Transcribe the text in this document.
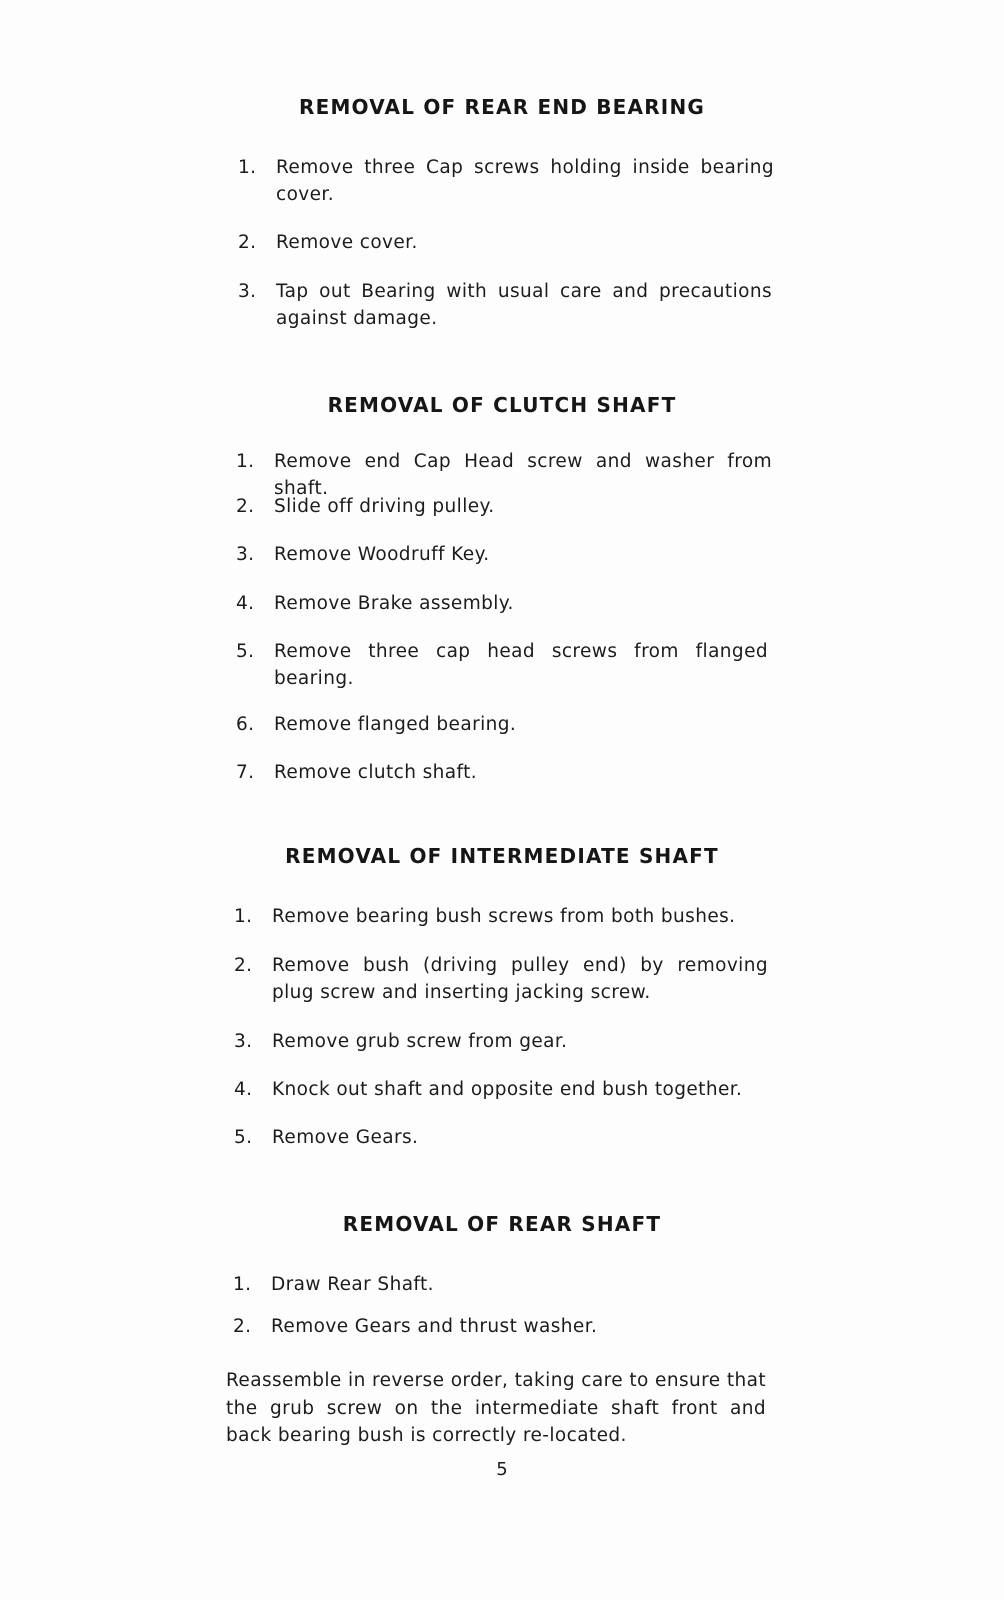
REMOVAL OF REAR END BEARING
1. Remove three Cap screws holding inside bearing cover.
2. Remove cover.
3. Tap out Bearing with usual care and precautions against damage.
REMOVAL OF CLUTCH SHAFT
1. Remove end Cap Head screw and washer from shaft.
2. Slide off driving pulley.
3. Remove Woodruff Key.
4. Remove Brake assembly.
5. Remove three cap head screws from flanged bearing.
6. Remove flanged bearing.
7. Remove clutch shaft.
REMOVAL OF INTERMEDIATE SHAFT
1. Remove bearing bush screws from both bushes.
2. Remove bush (driving pulley end) by removing plug screw and inserting jacking screw.
3. Remove grub screw from gear.
4. Knock out shaft and opposite end bush together.
5. Remove Gears.
REMOVAL OF REAR SHAFT
1. Draw Rear Shaft.
2. Remove Gears and thrust washer.

Reassemble in reverse order, taking care to ensure that the grub screw on the intermediate shaft front and back bearing bush is correctly re-located.

5
